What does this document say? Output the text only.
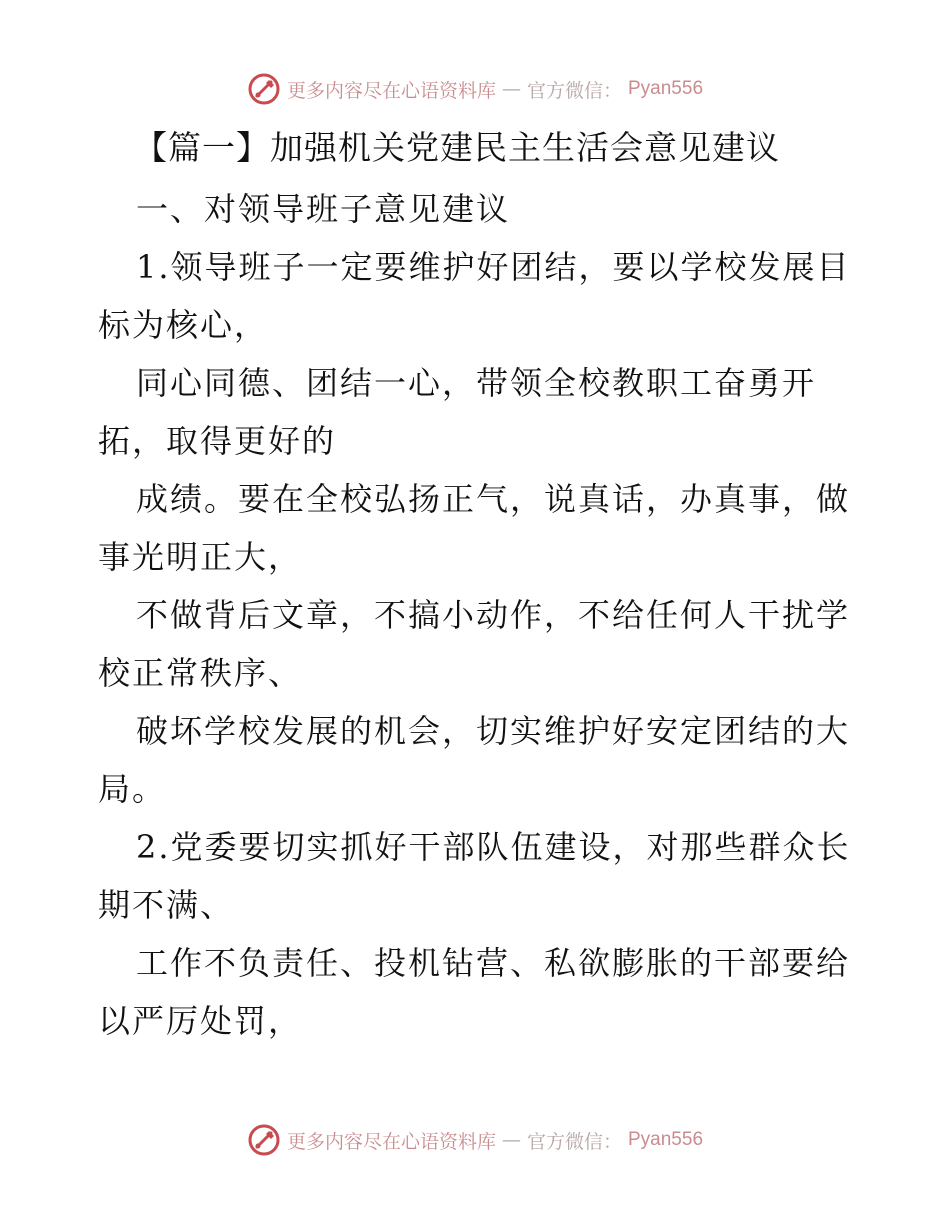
更多内容尽在心语资料库 — 官方微信： Pyan556
【篇一】加强机关党建民主生活会意见建议

一、对领导班子意见建议

1.领导班子一定要维护好团结，要以学校发展目标为核心，

同心同德、团结一心，带领全校教职工奋勇开拓，取得更好的

成绩。要在全校弘扬正气，说真话，办真事，做事光明正大，

不做背后文章，不搞小动作，不给任何人干扰学校正常秩序、

破坏学校发展的机会，切实维护好安定团结的大局。

2.党委要切实抓好干部队伍建设，对那些群众长期不满、

工作不负责任、投机钻营、私欲膨胀的干部要给以严厉处罚，

更多内容尽在心语资料库 — 官方微信： Pyan556
